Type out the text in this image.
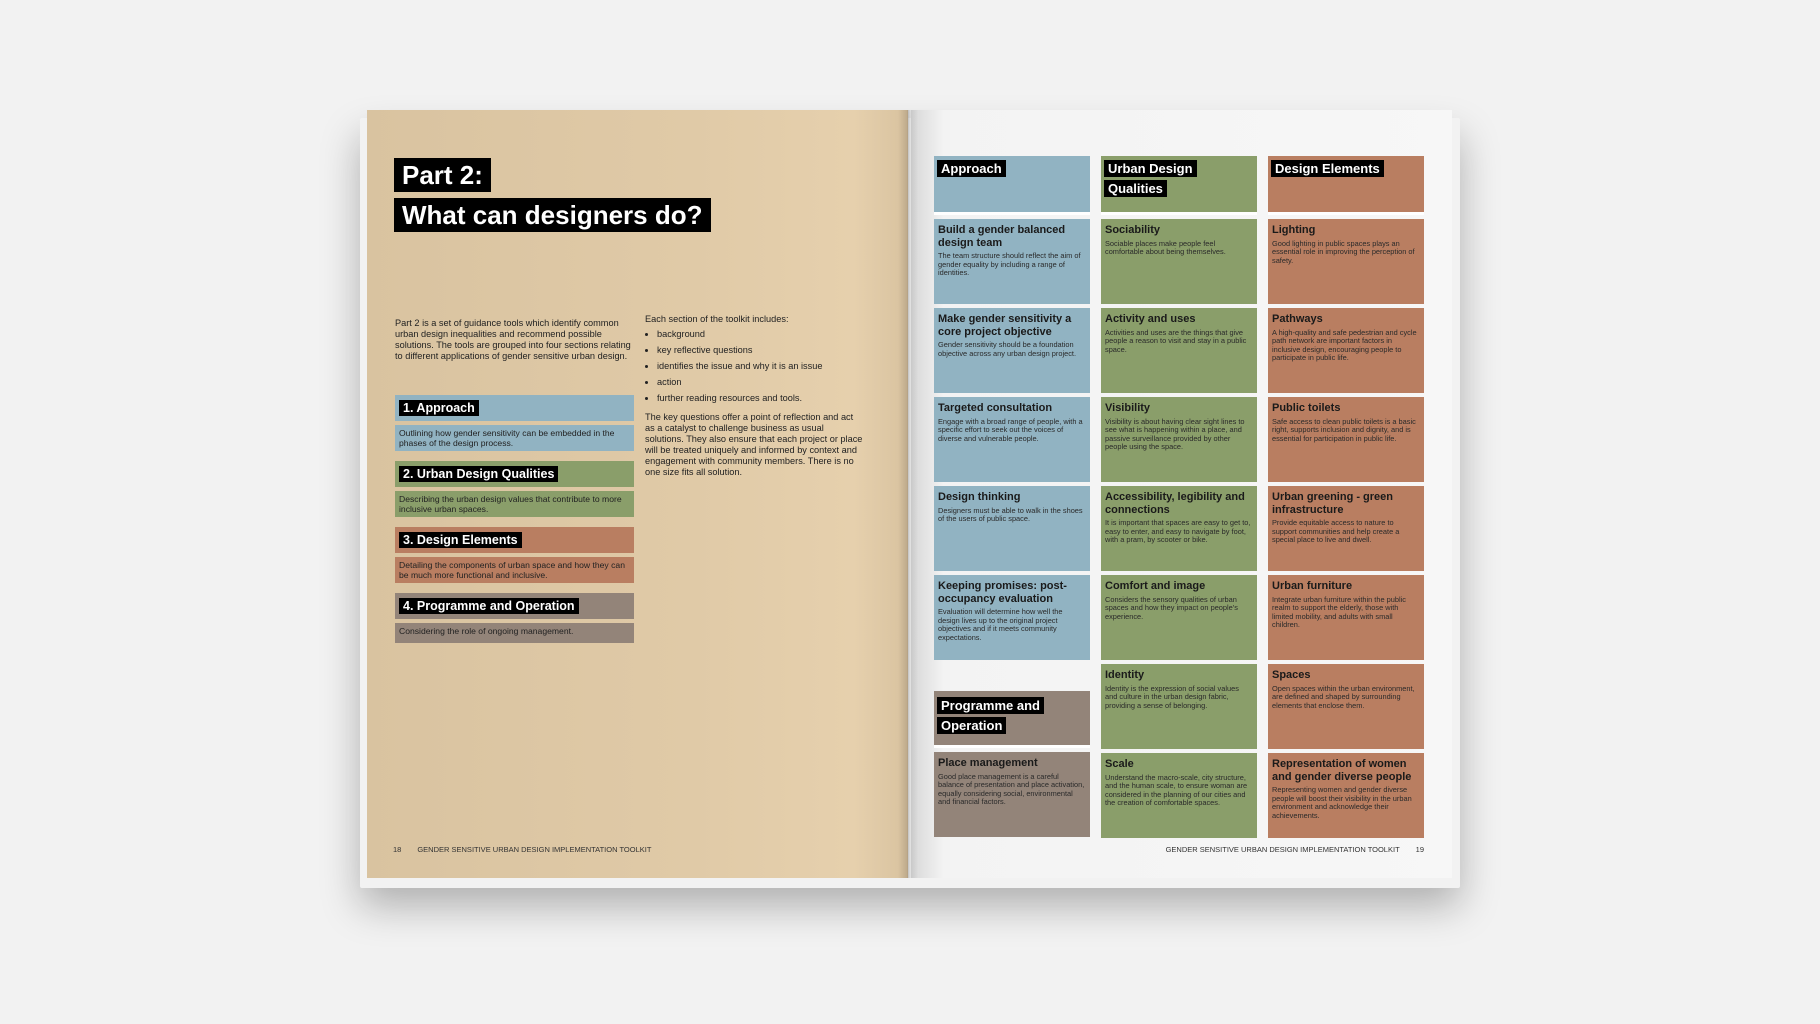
Part 2:
What can designers do?
Part 2 is a set of guidance tools which identify common urban design inequalities and recommend possible solutions. The tools are grouped into four sections relating to different applications of gender sensitive urban design.
1. Approach
Outlining how gender sensitivity can be embedded in the phases of the design process.
2. Urban Design Qualities
Describing the urban design values that contribute to more inclusive urban spaces.
3. Design Elements
Detailing the components of urban space and how they can be much more functional and inclusive.
4. Programme and Operation
Considering the role of ongoing management.
Each section of the toolkit includes:
• background
• key reflective questions
• identifies the issue and why it is an issue
• action
• further reading resources and tools.

The key questions offer a point of reflection and act as a catalyst to challenge business as usual solutions. They also ensure that each project or place will be treated uniquely and informed by context and engagement with community members. There is no one size fits all solution.

18 GENDER SENSITIVE URBAN DESIGN IMPLEMENTATION TOOLKIT
Approach
Build a gender balanced design team
The team structure should reflect the aim of gender equality by including a range of identities.
Make gender sensitivity a core project objective
Gender sensitivity should be a foundation objective across any urban design project.
Targeted consultation
Engage with a broad range of people, with a specific effort to seek out the voices of diverse and vulnerable people.
Design thinking
Designers must be able to walk in the shoes of the users of public space.
Keeping promises: post-occupancy evaluation
Evaluation will determine how well the design lives up to the original project objectives and if it meets community expectations.
Programme and
Operation
Place management
Good place management is a careful balance of presentation and place activation, equally considering social, environmental and financial factors.
Urban Design
Qualities
Sociability
Sociable places make people feel comfortable about being themselves.
Activity and uses
Activities and uses are the things that give people a reason to visit and stay in a public space.
Visibility
Visibility is about having clear sight lines to see what is happening within a place, and passive surveillance provided by other people using the space.
Accessibility, legibility and connections
It is important that spaces are easy to get to, easy to enter, and easy to navigate by foot, with a pram, by scooter or bike.
Comfort and image
Considers the sensory qualities of urban spaces and how they impact on people's experience.
Identity
Identity is the expression of social values and culture in the urban design fabric, providing a sense of belonging.
Scale
Understand the macro-scale, city structure, and the human scale, to ensure woman are considered in the planning of our cities and the creation of comfortable spaces.
Design Elements
Lighting
Good lighting in public spaces plays an essential role in improving the perception of safety.
Pathways
A high-quality and safe pedestrian and cycle path network are important factors in inclusive design, encouraging people to participate in public life.
Public toilets
Safe access to clean public toilets is a basic right, supports inclusion and dignity, and is essential for participation in public life.
Urban greening - green infrastructure
Provide equitable access to nature to support communities and help create a special place to live and dwell.
Urban furniture
Integrate urban furniture within the public realm to support the elderly, those with limited mobility, and adults with small children.
Spaces
Open spaces within the urban environment, are defined and shaped by surrounding elements that enclose them.
Representation of women and gender diverse people
Representing women and gender diverse people will boost their visibility in the urban environment and acknowledge their achievements.
GENDER SENSITIVE URBAN DESIGN IMPLEMENTATION TOOLKIT 19
